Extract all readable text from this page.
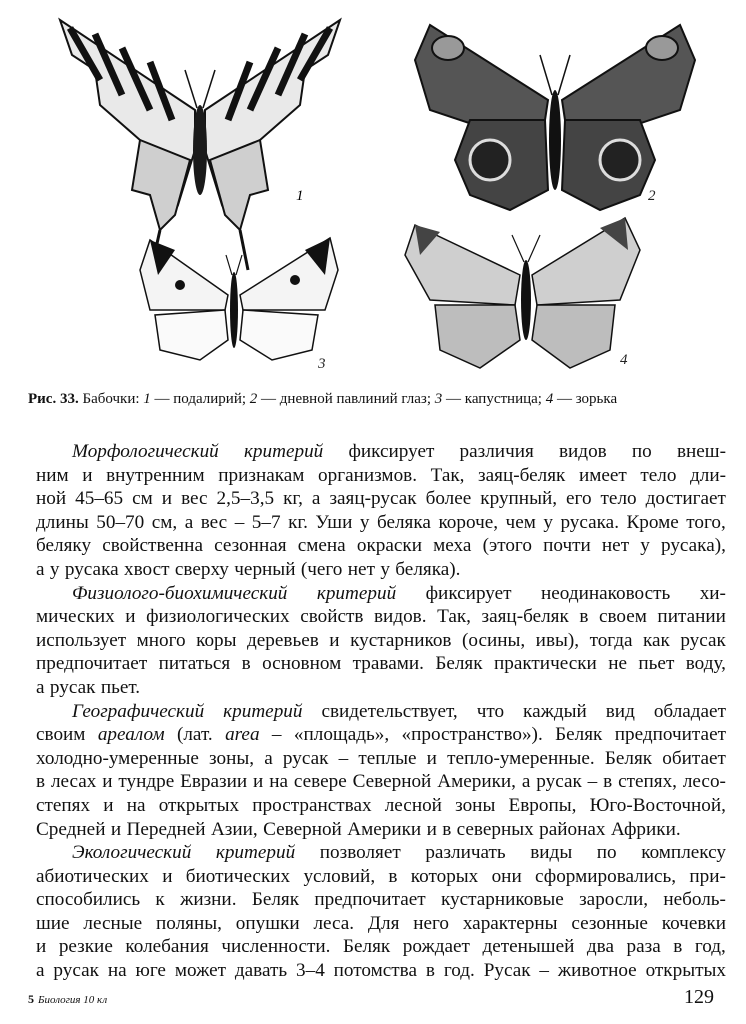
1	2
3	4
Рис. 33. Бабочки: 1 — подалирий; 2 — дневной павлиний глаз; 3 — капустница; 4 — зорька
Морфологический критерий фиксирует различия видов по внеш-
ним и внутренним признакам организмов. Так, заяц-беляк имеет тело дли-
ной 45–65 см и вес 2,5–3,5 кг, а заяц-русак более крупный, его тело достигает
длины 50–70 см, а вес – 5–7 кг. Уши у беляка короче, чем у русака. Кроме того,
беляку свойственна сезонная смена окраски меха (этого почти нет у русака),
а у русака хвост сверху черный (чего нет у беляка).
Физиолого-биохимический критерий фиксирует неодинаковость хи-
мических и физиологических свойств видов. Так, заяц-беляк в своем питании
использует много коры деревьев и кустарников (осины, ивы), тогда как русак
предпочитает питаться в основном травами. Беляк практически не пьет воду,
а русак пьет.
Географический критерий свидетельствует, что каждый вид обладает
своим ареалом (лат. area – «площадь», «пространство»). Беляк предпочитает
холодно-умеренные зоны, а русак – теплые и тепло-умеренные. Беляк обитает
в лесах и тундре Евразии и на севере Северной Америки, а русак – в степях, лесо-
степях и на открытых пространствах лесной зоны Европы, Юго-Восточной,
Средней и Передней Азии, Северной Америки и в северных районах Африки.
Экологический критерий позволяет различать виды по комплексу
абиотических и биотических условий, в которых они сформировались, при-
способились к жизни. Беляк предпочитает кустарниковые заросли, неболь-
шие лесные поляны, опушки леса. Для него характерны сезонные кочевки
и резкие колебания численности. Беляк рождает детенышей два раза в год,
а русак на юге может давать 3–4 потомства в год. Русак – животное открытых
5 Биология 10 кл	129
